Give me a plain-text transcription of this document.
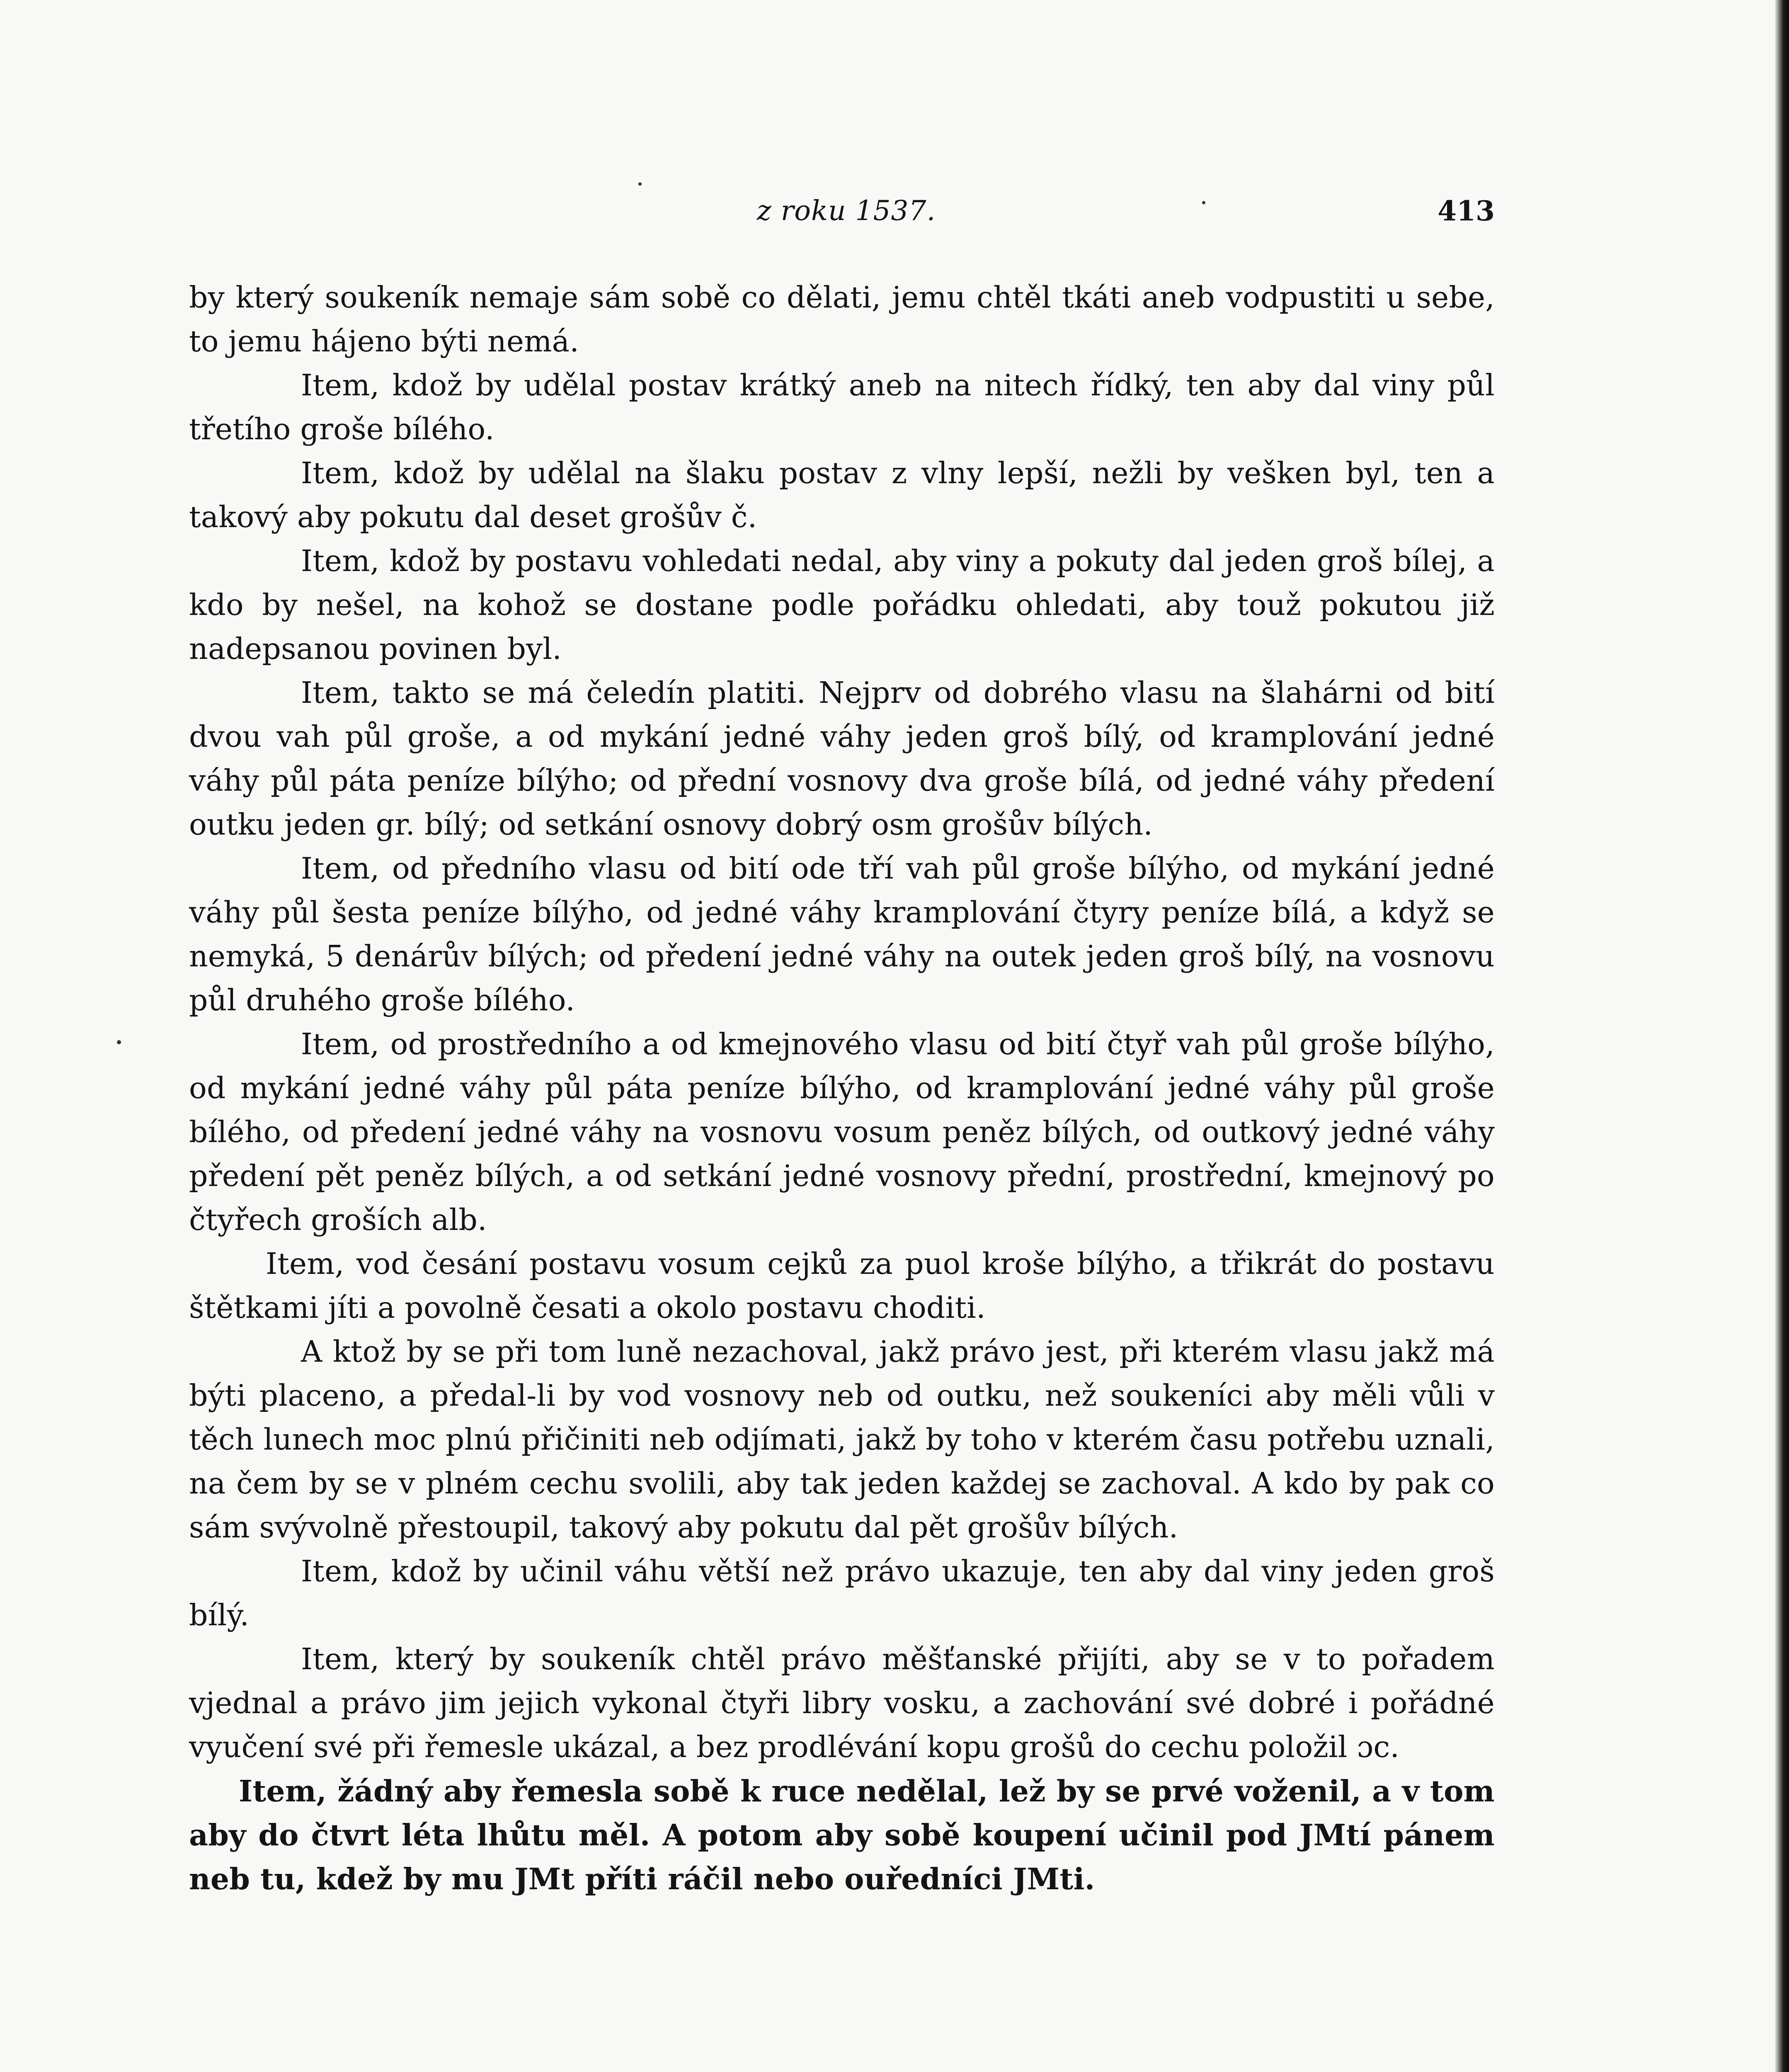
z roku 1537.	413

by který soukeník nemaje sám sobě co dělati, jemu chtěl tkáti aneb vodpustiti u sebe, to jemu hájeno býti nemá.

Item, kdož by udělal postav krátký aneb na nitech řídký, ten aby dal viny půl třetího groše bílého.

Item, kdož by udělal na šlaku postav z vlny lepší, nežli by vešken byl, ten a takový aby pokutu dal deset grošův č.

Item, kdož by postavu vohledati nedal, aby viny a pokuty dal jeden groš bílej, a kdo by nešel, na kohož se dostane podle pořádku ohledati, aby touž pokutou již nadepsanou povinen byl.

Item, takto se má čeledín platiti. Nejprv od dobrého vlasu na šlahárni od bití dvou vah půl groše, a od mykání jedné váhy jeden groš bílý, od kramplování jedné váhy půl páta peníze bílýho; od přední vosnovy dva groše bílá, od jedné váhy předení outku jeden gr. bílý; od setkání osnovy dobrý osm grošův bílých.

Item, od předního vlasu od bití ode tří vah půl groše bílýho, od mykání jedné váhy půl šesta peníze bílýho, od jedné váhy kramplování čtyry peníze bílá, a když se nemyká, 5 denárův bílých; od předení jedné váhy na outek jeden groš bílý, na vosnovu půl druhého groše bílého.

Item, od prostředního a od kmejnového vlasu od bití čtyř vah půl groše bílýho, od mykání jedné váhy půl páta peníze bílýho, od kramplování jedné váhy půl groše bílého, od předení jedné váhy na vosnovu vosum peněz bílých, od outkový jedné váhy předení pět peněz bílých, a od setkání jedné vosnovy přední, prostřední, kmejnový po čtyřech groších alb.

Item, vod česání postavu vosum cejků za puol kroše bílýho, a třikrát do postavu štětkami jíti a povolně česati a okolo postavu choditi.

A ktož by se při tom luně nezachoval, jakž právo jest, při kterém vlasu jakž má býti placeno, a předal-li by vod vosnovy neb od outku, než soukeníci aby měli vůli v těch lunech moc plnú přičiniti neb odjímati, jakž by toho v kterém času potřebu uznali, na čem by se v plném cechu svolili, aby tak jeden každej se zachoval. A kdo by pak co sám svývolně přestoupil, takový aby pokutu dal pět grošův bílých.

Item, kdož by učinil váhu větší než právo ukazuje, ten aby dal viny jeden groš bílý.

Item, který by soukeník chtěl právo měšťanské přijíti, aby se v to pořadem vjednal a právo jim jejich vykonal čtyři libry vosku, a zachování své dobré i pořádné vyučení své při řemesle ukázal, a bez prodlévání kopu grošů do cechu položil ɔc.

Item, žádný aby řemesla sobě k ruce nedělal, lež by se prvé voženil, a v tom aby do čtvrt léta lhůtu měl. A potom aby sobě koupení učinil pod JMtí pánem neb tu, kdež by mu JMt příti ráčil nebo ouředníci JMti.
